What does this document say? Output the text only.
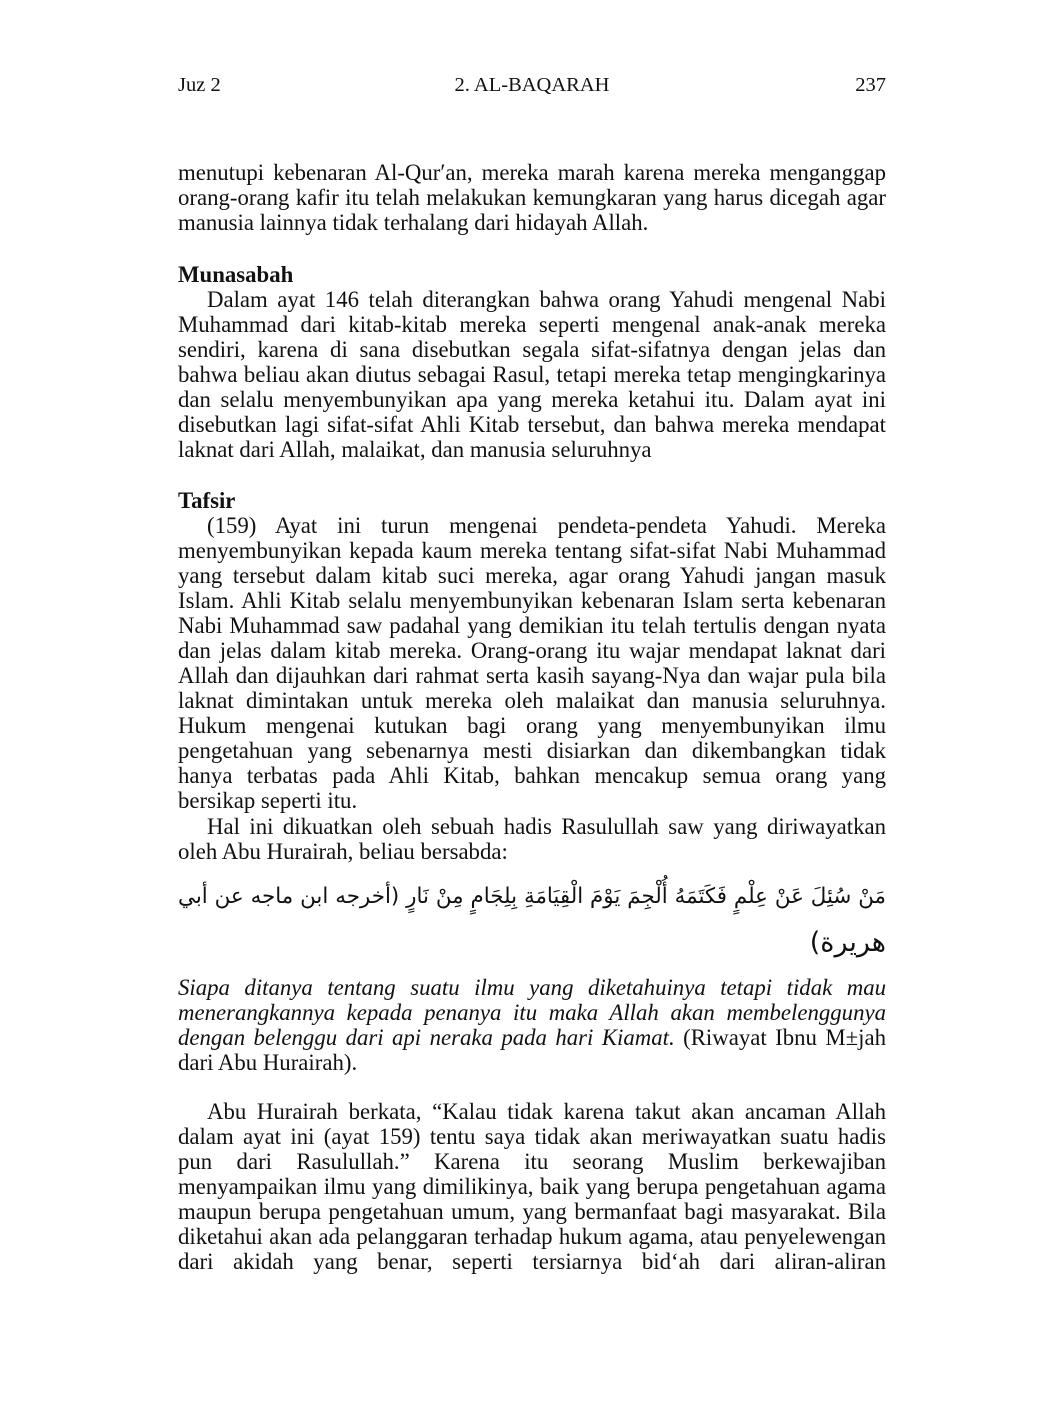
Juz 2	2. AL-BAQARAH	237
menutupi kebenaran Al-Qur′an, mereka marah karena mereka menganggap
orang-orang kafir itu telah melakukan kemungkaran yang harus dicegah agar
manusia lainnya tidak terhalang dari hidayah Allah.
Munasabah
Dalam ayat 146 telah diterangkan bahwa orang Yahudi mengenal Nabi
Muhammad dari kitab-kitab mereka seperti mengenal anak-anak mereka
sendiri, karena di sana disebutkan segala sifat-sifatnya dengan jelas dan
bahwa beliau akan diutus sebagai Rasul, tetapi mereka tetap mengingkarinya
dan selalu menyembunyikan apa yang mereka ketahui itu. Dalam ayat ini
disebutkan lagi sifat-sifat Ahli Kitab tersebut, dan bahwa mereka mendapat
laknat dari Allah, malaikat, dan manusia seluruhnya
Tafsir
(159) Ayat ini turun mengenai pendeta-pendeta Yahudi. Mereka
menyembunyikan kepada kaum mereka tentang sifat-sifat Nabi Muhammad
yang tersebut dalam kitab suci mereka, agar orang Yahudi jangan masuk
Islam. Ahli Kitab selalu menyembunyikan kebenaran Islam serta kebenaran
Nabi Muhammad saw padahal yang demikian itu telah tertulis dengan nyata
dan jelas dalam kitab mereka. Orang-orang itu wajar mendapat laknat dari
Allah dan dijauhkan dari rahmat serta kasih sayang-Nya dan wajar pula bila
laknat dimintakan untuk mereka oleh malaikat dan manusia seluruhnya.
Hukum mengenai kutukan bagi orang yang menyembunyikan ilmu
pengetahuan yang sebenarnya mesti disiarkan dan dikembangkan tidak
hanya terbatas pada Ahli Kitab, bahkan mencakup semua orang yang
bersikap seperti itu.
Hal ini dikuatkan oleh sebuah hadis Rasulullah saw yang diriwayatkan
oleh Abu Hurairah, beliau bersabda:
مَنْ سُئِلَ عَنْ عِلْمٍ فَكَتَمَهُ أُلْجِمَ يَوْمَ الْقِيَامَةِ بِلِجَامٍ مِنْ نَارٍ (أخرجه ابن ماجه عن أبي
هريرة)
Siapa ditanya tentang suatu ilmu yang diketahuinya tetapi tidak mau
menerangkannya kepada penanya itu maka Allah akan membelenggunya
dengan belenggu dari api neraka pada hari Kiamat. (Riwayat Ibnu M±jah
dari Abu Hurairah).
Abu Hurairah berkata, “Kalau tidak karena takut akan ancaman Allah
dalam ayat ini (ayat 159) tentu saya tidak akan meriwayatkan suatu hadis
pun dari Rasulullah.” Karena itu seorang Muslim berkewajiban
menyampaikan ilmu yang dimilikinya, baik yang berupa pengetahuan agama
maupun berupa pengetahuan umum, yang bermanfaat bagi masyarakat. Bila
diketahui akan ada pelanggaran terhadap hukum agama, atau penyelewengan
dari akidah yang benar, seperti tersiarnya bid‘ah dari aliran-aliran
